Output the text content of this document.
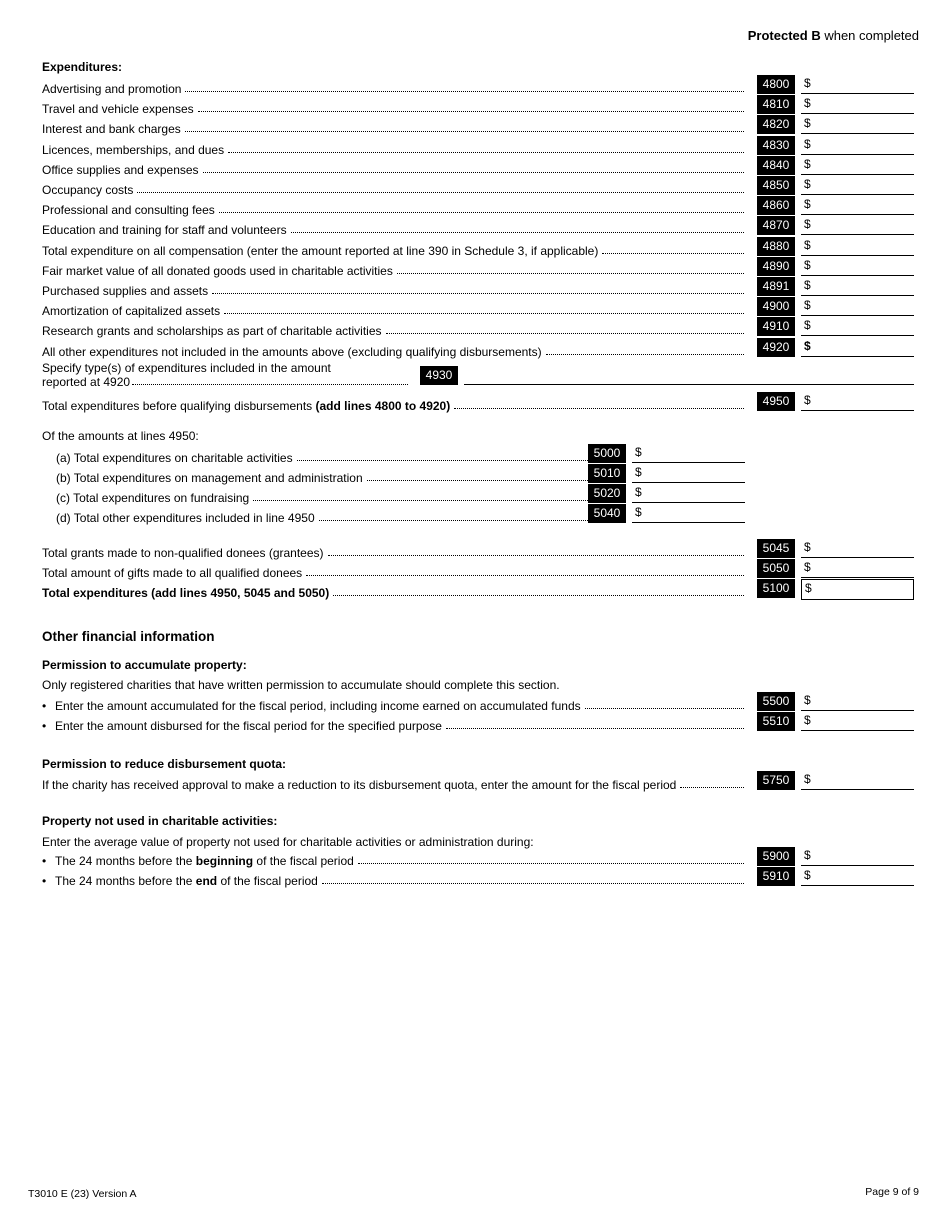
Protected B when completed
Expenditures:
Advertising and promotion	4800	$
Travel and vehicle expenses	4810	$
Interest and bank charges	4820	$
Licences, memberships, and dues	4830	$
Office supplies and expenses	4840	$
Occupancy costs	4850	$
Professional and consulting fees	4860	$
Education and training for staff and volunteers	4870	$
Total expenditure on all compensation (enter the amount reported at line 390 in Schedule 3, if applicable)	4880	$
Fair market value of all donated goods used in charitable activities	4890	$
Purchased supplies and assets	4891	$
Amortization of capitalized assets	4900	$
Research grants and scholarships as part of charitable activities	4910	$
All other expenditures not included in the amounts above (excluding qualifying disbursements)	4920	$
Specify type(s) of expenditures included in the amount
reported at 4920	4930
Total expenditures before qualifying disbursements (add lines 4800 to 4920)	4950	$
Of the amounts at lines 4950:
(a) Total expenditures on charitable activities	5000	$
(b) Total expenditures on management and administration	5010	$
(c) Total expenditures on fundraising	5020	$
(d) Total other expenditures included in line 4950	5040	$
Total grants made to non-qualified donees (grantees)	5045	$
Total amount of gifts made to all qualified donees	5050	$
Total expenditures (add lines 4950, 5045 and 5050)	5100	$
Other financial information
Permission to accumulate property:
Only registered charities that have written permission to accumulate should complete this section.
• Enter the amount accumulated for the fiscal period, including income earned on accumulated funds	5500	$
• Enter the amount disbursed for the fiscal period for the specified purpose	5510	$
Permission to reduce disbursement quota:
If the charity has received approval to make a reduction to its disbursement quota, enter the amount for the fiscal period	5750	$
Property not used in charitable activities:
Enter the average value of property not used for charitable activities or administration during:
• The 24 months before the beginning of the fiscal period	5900	$
• The 24 months before the end of the fiscal period	5910	$
T3010 E (23) Version A	Page 9 of 9
